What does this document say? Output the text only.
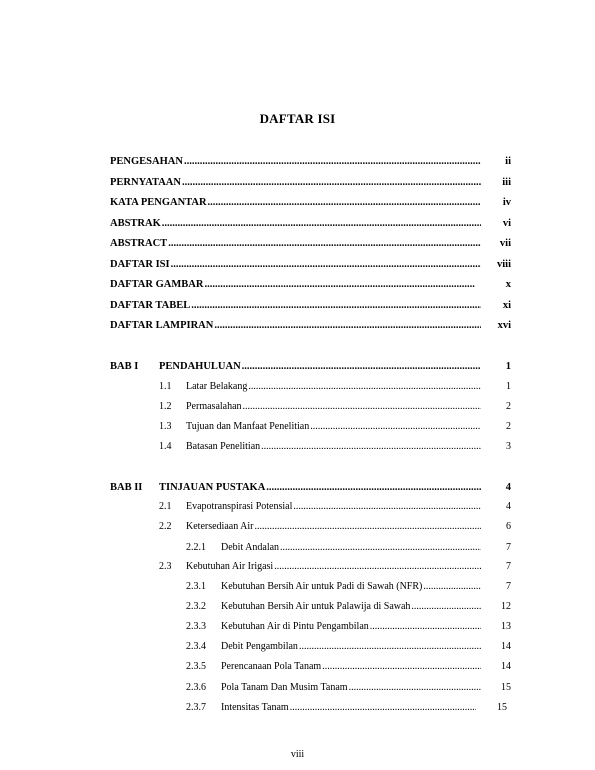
DAFTAR ISI
PENGESAHAN .....	ii
PERNYATAAN .....	iii
KATA PENGANTAR .....	iv
ABSTRAK .....	vi
ABSTRACT .....	vii
DAFTAR ISI .....	viii
DAFTAR GAMBAR .....	x
DAFTAR TABEL .....	xi
DAFTAR LAMPIRAN .....	xvi
BAB I PENDAHULUAN .....	1
1.1 Latar Belakang .....	1
1.2 Permasalahan .....	2
1.3 Tujuan dan Manfaat Penelitian .....	2
1.4 Batasan Penelitian .....	3
BAB II TINJAUAN PUSTAKA .....	4
2.1 Evapotranspirasi Potensial .....	4
2.2 Ketersediaan Air .....	6
2.2.1 Debit Andalan .....	7
2.3 Kebutuhan Air Irigasi .....	7
2.3.1 Kebutuhan Bersih Air untuk Padi di Sawah (NFR) .....	7
2.3.2 Kebutuhan Bersih Air untuk Palawija di Sawah .....	12
2.3.3 Kebutuhan Air di Pintu Pengambilan .....	13
2.3.4 Debit Pengambilan .....	14
2.3.5 Perencanaan Pola Tanam .....	14
2.3.6 Pola Tanam Dan Musim Tanam .....	15
2.3.7 Intensitas Tanam .....	15
viii
